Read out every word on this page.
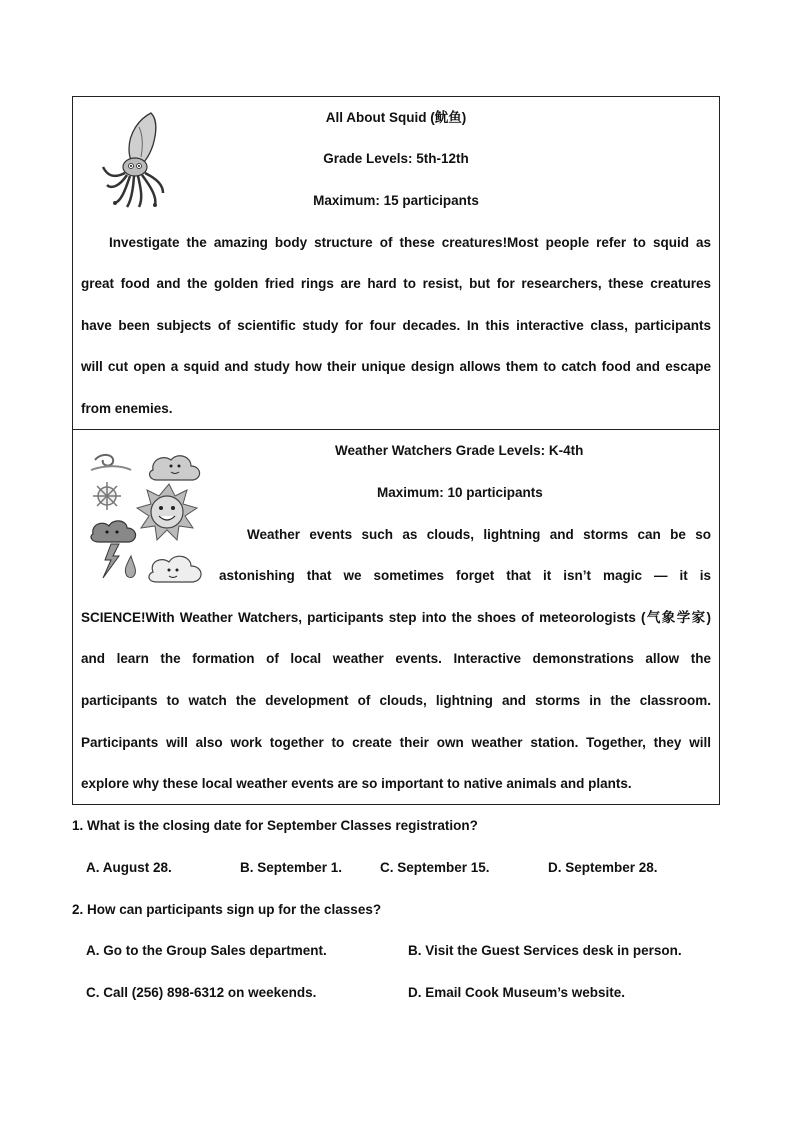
All About Squid (鱿鱼)
Grade Levels: 5th-12th
Maximum: 15 participants
Investigate the amazing body structure of these creatures!Most people refer to squid as
great food and the golden fried rings are hard to resist, but for researchers, these creatures
have been subjects of scientific study for four decades. In this interactive class, participants
will cut open a squid and study how their unique design allows them to catch food and escape
from enemies.
Weather Watchers Grade Levels: K-4th
Maximum: 10 participants
Weather events such as clouds, lightning and storms can be so
astonishing that we sometimes forget that it isn’t magic — it is
SCIENCE!With Weather Watchers, participants step into the shoes of meteorologists (气象学家)
and learn the formation of local weather events. Interactive demonstrations allow the
participants to watch the development of clouds, lightning and storms in the classroom.
Participants will also work together to create their own weather station. Together, they will
explore why these local weather events are so important to native animals and plants.
1. What is the closing date for September Classes registration?
A. August 28.	B. September 1.	C. September 15.	D. September 28.
2. How can participants sign up for the classes?
A. Go to the Group Sales department.	B. Visit the Guest Services desk in person.
C. Call (256) 898-6312 on weekends.	D. Email Cook Museum’s website.
